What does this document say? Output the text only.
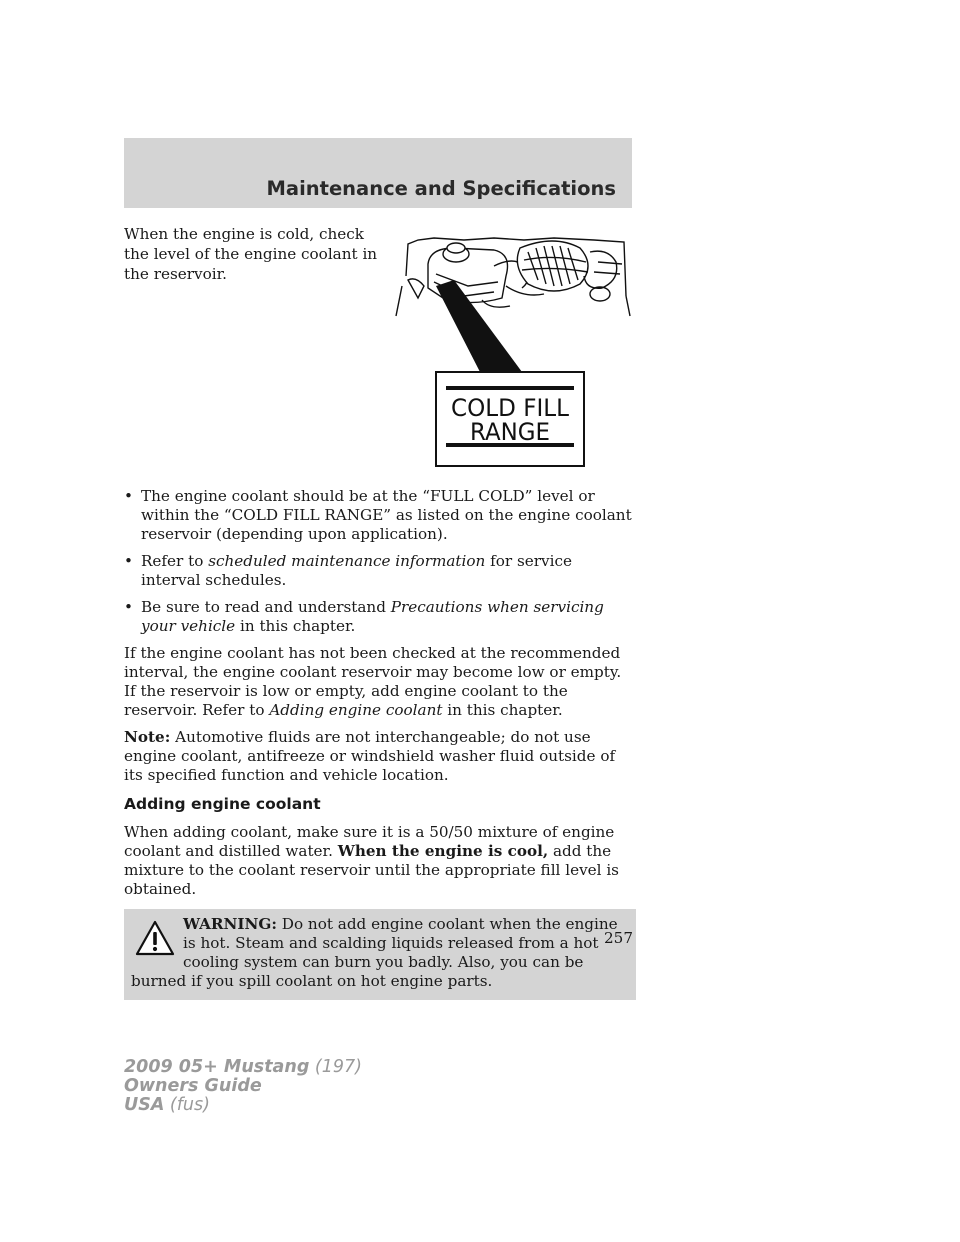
Maintenance and Specifications
When the engine is cold, check the level of the engine coolant in the reservoir.
COLD FILL
RANGE
• The engine coolant should be at the “FULL COLD” level or within the “COLD FILL RANGE” as listed on the engine coolant reservoir (depending upon application).
• Refer to scheduled maintenance information for service interval schedules.
• Be sure to read and understand Precautions when servicing your vehicle in this chapter.

If the engine coolant has not been checked at the recommended interval, the engine coolant reservoir may become low or empty. If the reservoir is low or empty, add engine coolant to the reservoir. Refer to Adding engine coolant in this chapter.

Note: Automotive fluids are not interchangeable; do not use engine coolant, antifreeze or windshield washer fluid outside of its specified function and vehicle location.

Adding engine coolant

When adding coolant, make sure it is a 50/50 mixture of engine coolant and distilled water. When the engine is cool, add the mixture to the coolant reservoir until the appropriate fill level is obtained.

WARNING: Do not add engine coolant when the engine is hot. Steam and scalding liquids released from a hot cooling system can burn you badly. Also, you can be burned if you spill coolant on hot engine parts.
257
2009 05+ Mustang (197)
Owners Guide
USA (fus)
